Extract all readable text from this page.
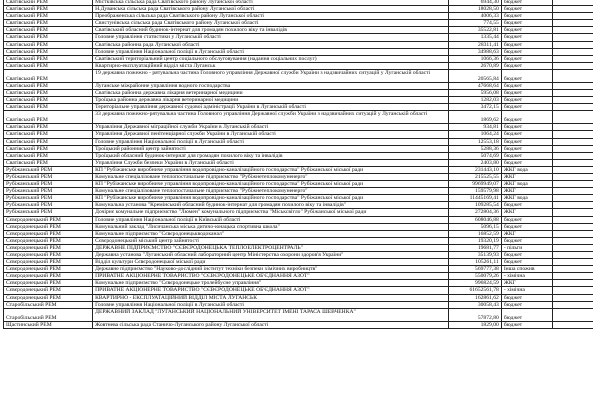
Сватівський РЕМ	Містківська сільська рада Сватівського району Луганської області	6944,30	бюджет		
Сватівський РЕМ	Н.Дуванська сільська рада Сватівського району Луганської області	18028,50	бюджет		
Сватівський РЕМ	Преображенська сільська рада Сватівського району Луганської області	4006,33	бюджет		
Сватівський РЕМ	Свистунівська сільська рада Сватівського району Луганської області	774,55	бюджет		
Сватівський РЕМ	Сватівський обласний будинок-інтернат для громадян похилого віку та інвалідів	35522,81	бюджет		
Сватівський РЕМ	Головне управління статистики у Луганській області	1335,44	бюджет		
Сватівський РЕМ	Сватівська районна рада Луганської області	28311,41	бюджет		
Сватівський РЕМ	Головне управління Національної поліції в Луганській області	34988,63	бюджет		
Сватівський РЕМ	Сватівський територіальний центр соціального обслуговування (надання соціальних послуг)	1066,36	бюджет		
Сватівський РЕМ	Квартирно-експлуатаційний відділ міста Луганськ	2670,89	бюджет		
Сватівський РЕМ	19 державна пожежно - рятувальна частина Головного управління Державної служби України з надзвичайних ситуацій у Луганській області	20565,84	бюджет		
Сватівський РЕМ	Луганське міжрайонне управління водного господарства	47668,64	бюджет		
Сватівський РЕМ	Сватівська районна державна лікарня ветеринарної медицини	5956,08	бюджет		
Сватівський РЕМ	Троїцька районна державна лікарня ветеринарної медицини	1282,03	бюджет		
Сватівський РЕМ	Територіальне управління державної судової адміністрації України в Луганській області	3472,15	бюджет		
Сватівський РЕМ	33 державна пожежно-рятувальна частина Головного управління Державної служби України з надзвичайних ситуацій у Луганській області	1869,62	бюджет		
Сватівський РЕМ	Управління Державної міграційної служби України в Луганській області	934,81	бюджет		
Сватівський РЕМ	Управління Державної пенітенціарної служби України в Луганській області	1064,24	бюджет		
Сватівський РЕМ	Головне управління Національної поліції в Луганській області	12553,18	бюджет		
Сватівський РЕМ	Троїцький районний центр зайнятості	5288,36	бюджет		
Сватівський РЕМ	Троїцький обласний будинок-інтернат для громадян похилого віку та інвалідів	5074,69	бюджет		
Сватівський РЕМ	Управління Служби безпеки України в Луганській області	2403,80	бюджет		
Рубіжанський РЕМ	КП "Рубіжанське виробниче управління водопровідно-каналізаційного господарства" Рубіжанської міської ради	231443,10	ЖКГ вода		
Рубіжанський РЕМ	Комунальне спеціалізоване теплопостачальне підприємство "Рубіжнетеплокомуненерго"	215525,55	ЖКГ		
Рубіжанський РЕМ	КП "Рубіжанське виробниче управління водопровідно-каналізаційного господарства" Рубіжанської міської ради	9969949,07	ЖКГ вода		
Рубіжанський РЕМ	Комунальне спеціалізоване теплопостачальне підприємство "Рубіжнетеплокомуненерго"	159579,98	ЖКГ		
Рубіжанський РЕМ	КП "Рубіжанське виробниче управління водопровідно-каналізаційного господарства" Рубіжанської міської ради	11445169,41	ЖКГ вода		
Рубіжанський РЕМ	Комунальна установа "Кремінський обласний будинок-інтернат для громадян похилого віку та інвалідів"	109285,54	бюджет		
Рубіжанський РЕМ	Дочірнє комунальне підприємство "Люмен" комунального підприємства "Міськсвітло" Рубіжанської міської ради	272804,36	ЖКГ		
Сєвєродонецький РЕМ	Головне управління Національної поліції в Київській області	608046,88	бюджет		
Сєвєродонецький РЕМ	Комунальний заклад "Лисичанська міська дитячо-юнацька спортивна школа"	5096,15	бюджет		
Сєвєродонецький РЕМ	Комунальне підприємство "Сєвєродонецькводоканал"	16852,59	ЖКГ		
Сєвєродонецький РЕМ	Сєвєродонецький міський центр зайнятості	19320,19	бюджет		
Сєвєродонецький РЕМ	ДЕРЖАВНЕ ПІДПРИЄМСТВО "СЄВЄРОДОНЕЦЬКА ТЕПЛОЕЛЕКТРОЦЕНТРАЛЬ"	19681,77	- пільги		
Сєвєродонецький РЕМ	Державна установа "Луганський обласний лабораторний центр Міністерства охорони здоров'я України"	35139,93	бюджет		
Сєвєродонецький РЕМ	Відділ культури Сєвєродонецької міської ради	105261,11	бюджет		
Сєвєродонецький РЕМ	Державне підприємство "Науково-дослідний інститут техніки безпеки хімічних виробництв"	569777,38	Інша спожив		
Сєвєродонецький РЕМ	ПРИВАТНЕ АКЦІОНЕРНЕ ТОВАРИСТВО "СЄВЄРОДОНЕЦЬКЕ ОБ'ЄДНАННЯ АЗОТ"	550079,26	- хімічна		
Сєвєродонецький РЕМ	Комунальне підприємство "Сєвєродонецьке тролейбусне управління"	996824,59	ЖКГ		
Сєвєродонецький РЕМ	ПРИВАТНЕ АКЦІОНЕРНЕ ТОВАРИСТВО "СЄВЄРОДОНЕЦЬКЕ ОБ'ЄДНАННЯ АЗОТ"	61652561,78	- хімічна		
Сєвєродонецький РЕМ	КВАРТИРНО - ЕКСПЛУАТАЦІЙНИЙ ВІДДІЛ МІСТА ЛУГАНСЬК	162861,62	бюджет		
Старобільський РЕМ	Головне управління Національної поліції в Луганській області	30058,43	бюджет		
Старобільський РЕМ	ДЕРЖАВНИЙ ЗАКЛАД "ЛУГАНСЬКИЙ НАЦІОНАЛЬНИЙ УНІВЕРСИТЕТ ІМЕНІ ТАРАСА ШЕВЧЕНКА"	57872,80	бюджет		
Щастинський РЕМ	Жовтнева сільська рада Станичо-Луганського району Луганської області	1829,00	бюджет		
